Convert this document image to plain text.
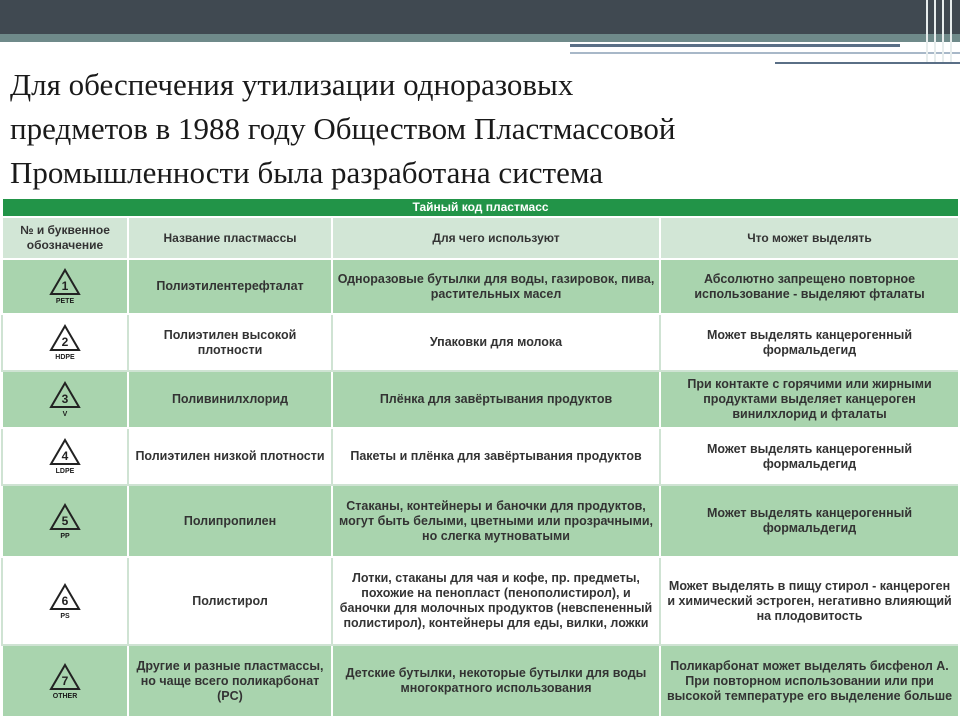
Для обеспечения утилизации одноразовых
предметов в 1988 году Обществом Пластмассовой
Промышленности была разработана система
Тайный код пластмасс			
№ и буквенное обозначение	Название пластмассы	Для чего используют	Что может выделять

1
PETE	Полиэтилентерефталат	Одноразовые бутылки для воды, газировок, пива, растительных масел	Абсолютно запрещено повторное использование - выделяют фталаты

2
HDPE	Полиэтилен высокой плотности	Упаковки для молока	Может выделять канцерогенный формальдегид

3
V	Поливинилхлорид	Плёнка для завёртывания продуктов	При контакте с горячими или жирными продуктами выделяет канцероген винилхлорид и фталаты

4
LDPE	Полиэтилен низкой плотности	Пакеты и плёнка для завёртывания продуктов	Может выделять канцерогенный формальдегид

5
PP	Полипропилен	Стаканы, контейнеры и баночки для продуктов, могут быть белыми, цветными или прозрачными, но слегка мутноватыми	Может выделять канцерогенный формальдегид

6
PS	Полистирол	Лотки, стаканы для чая и кофе, пр. предметы, похожие на пенопласт (пенополистирол), и баночки для молочных продуктов (невспененный полистирол), контейнеры для еды, вилки, ложки	Может выделять в пищу стирол - канцероген и химический эстроген, негативно влияющий на плодовитость

7
OTHER	Другие и разные пластмассы, но чаще всего поликарбонат (PC)	Детские бутылки, некоторые бутылки для воды многократного использования	Поликарбонат может выделять бисфенол А. При повторном использовании или при высокой температуре его выделение больше
